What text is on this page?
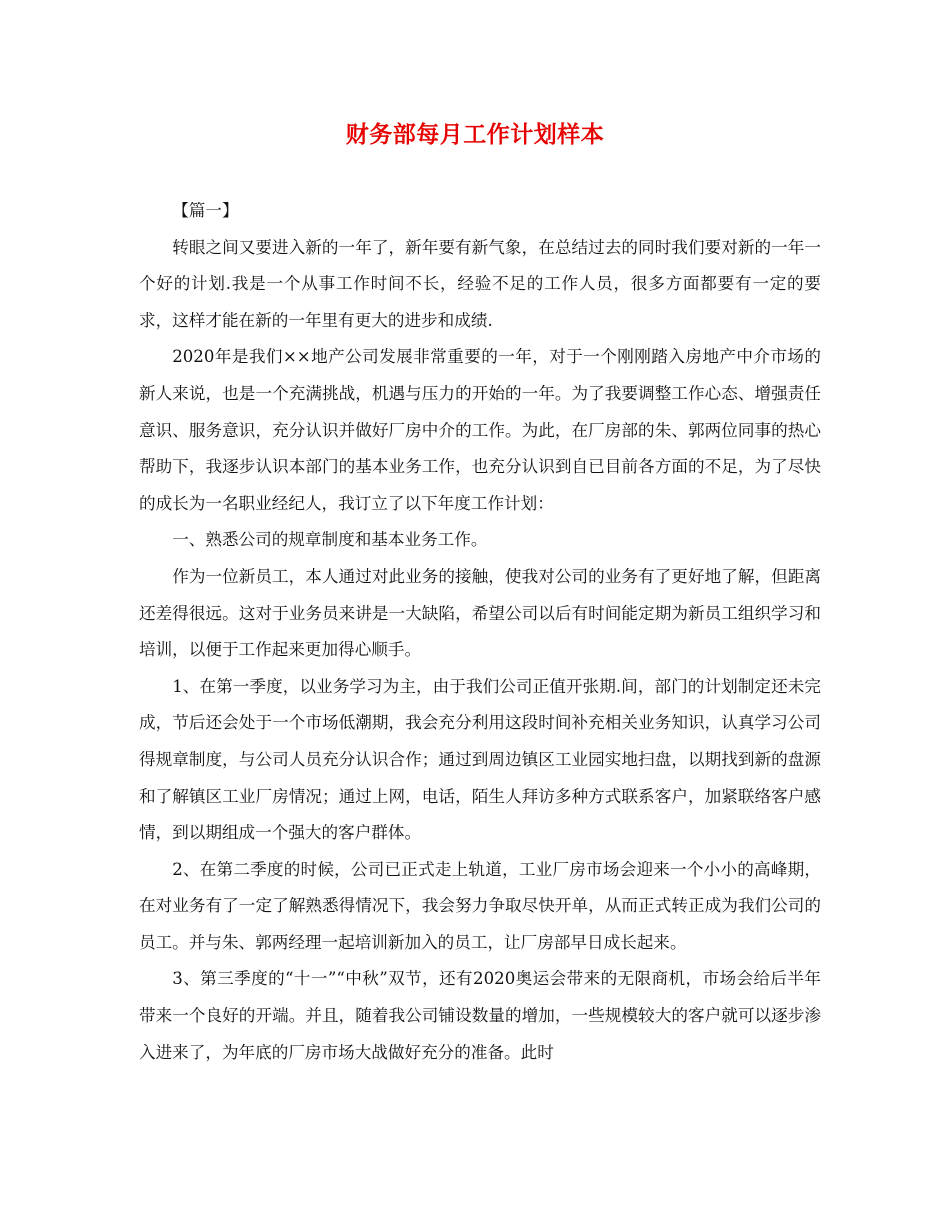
财务部每月工作计划样本

【篇一】

转眼之间又要进入新的一年了，新年要有新气象，在总结过去的同时我们要对新的一年一个好的计划.我是一个从事工作时间不长，经验不足的工作人员，很多方面都要有一定的要求，这样才能在新的一年里有更大的进步和成绩.

2020年是我们××地产公司发展非常重要的一年，对于一个刚刚踏入房地产中介市场的新人来说，也是一个充满挑战，机遇与压力的开始的一年。为了我要调整工作心态、增强责任意识、服务意识，充分认识并做好厂房中介的工作。为此，在厂房部的朱、郭两位同事的热心帮助下，我逐步认识本部门的基本业务工作，也充分认识到自已目前各方面的不足，为了尽快的成长为一名职业经纪人，我订立了以下年度工作计划：

一、熟悉公司的规章制度和基本业务工作。

作为一位新员工，本人通过对此业务的接触，使我对公司的业务有了更好地了解，但距离还差得很远。这对于业务员来讲是一大缺陷，希望公司以后有时间能定期为新员工组织学习和培训，以便于工作起来更加得心顺手。

1、在第一季度，以业务学习为主，由于我们公司正值开张期.间，部门的计划制定还未完成，节后还会处于一个市场低潮期，我会充分利用这段时间补充相关业务知识，认真学习公司得规章制度，与公司人员充分认识合作；通过到周边镇区工业园实地扫盘，以期找到新的盘源和了解镇区工业厂房情况；通过上网，电话，陌生人拜访多种方式联系客户，加紧联络客户感情，到以期组成一个强大的客户群体。

2、在第二季度的时候，公司已正式走上轨道，工业厂房市场会迎来一个小小的高峰期，在对业务有了一定了解熟悉得情况下，我会努力争取尽快开单，从而正式转正成为我们公司的员工。并与朱、郭两经理一起培训新加入的员工，让厂房部早日成长起来。

3、第三季度的“十一”“中秋”双节，还有2020奥运会带来的无限商机，市场会给后半年带来一个良好的开端。并且，随着我公司铺设数量的增加，一些规模较大的客户就可以逐步渗入进来了，为年底的厂房市场大战做好充分的准备。此时
